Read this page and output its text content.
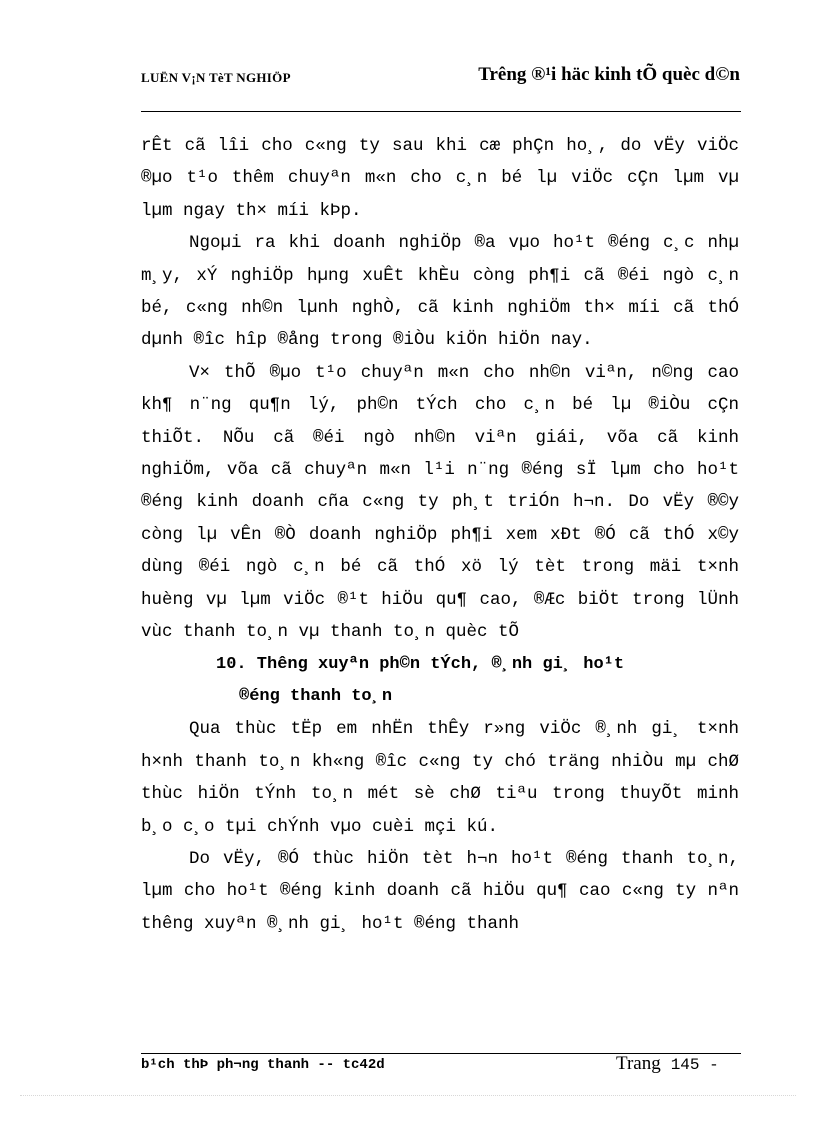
LUËN V¡N TèT NGHIÖP	Trêng ®¹i häc kinh tÕ quèc d©n

rÊt cã lîi cho c«ng ty sau khi cæ phÇn ho¸, do vËy viÖc ®µo t¹o thêm chuyªn m«n cho c¸n bé lµ viÖc cÇn lµm vµ lµm ngay th× míi kÞp.

Ngoµi ra khi doanh nghiÖp ®a vµo ho¹t ®éng c¸c nhµ m¸y, xÝ nghiÖp hµng xuÊt khÈu còng ph¶i cã ®éi ngò c¸n bé, c«ng nh©n lµnh nghÒ, cã kinh nghiÖm th× míi cã thÓ dµnh ®îc hîp ®ång trong ®iÒu kiÖn hiÖn nay.

V× thÕ ®µo t¹o chuyªn m«n cho nh©n viªn, n©ng cao kh¶ n¨ng qu¶n lý, ph©n tÝch cho c¸n bé lµ ®iÒu cÇn thiÕt. NÕu cã ®éi ngò nh©n viªn giái, võa cã kinh nghiÖm, võa cã chuyªn m«n l¹i n¨ng ®éng sÏ lµm cho ho¹t ®éng kinh doanh cña c«ng ty ph¸t triÓn h¬n. Do vËy ®©y còng lµ vÊn ®Ò doanh nghiÖp ph¶i xem xÐt ®Ó cã thÓ x©y dùng ®éi ngò c¸n bé cã thÓ xö lý tèt trong mäi t×nh huèng vµ lµm viÖc ®¹t hiÖu qu¶ cao, ®Æc biÖt trong lÜnh vùc thanh to¸n vµ thanh to¸n quèc tÕ

10. Thêng xuyªn ph©n tÝch, ®¸nh gi¸ ho¹t

®éng thanh to¸n

Qua thùc tËp em nhËn thÊy r»ng viÖc ®¸nh gi¸ t×nh h×nh thanh to¸n kh«ng ®îc c«ng ty chó träng nhiÒu mµ chØ thùc hiÖn tÝnh to¸n mét sè chØ tiªu trong thuyÕt minh b¸o c¸o tµi chÝnh vµo cuèi mçi kú.

Do vËy, ®Ó thùc hiÖn tèt h¬n ho¹t ®éng thanh to¸n, lµm cho ho¹t ®éng kinh doanh cã hiÖu qu¶ cao c«ng ty nªn thêng xuyªn ®¸nh gi¸ ho¹t ®éng thanh

b¹ch thÞ ph¬ng thanh -- tc42d	Trang 145 -
